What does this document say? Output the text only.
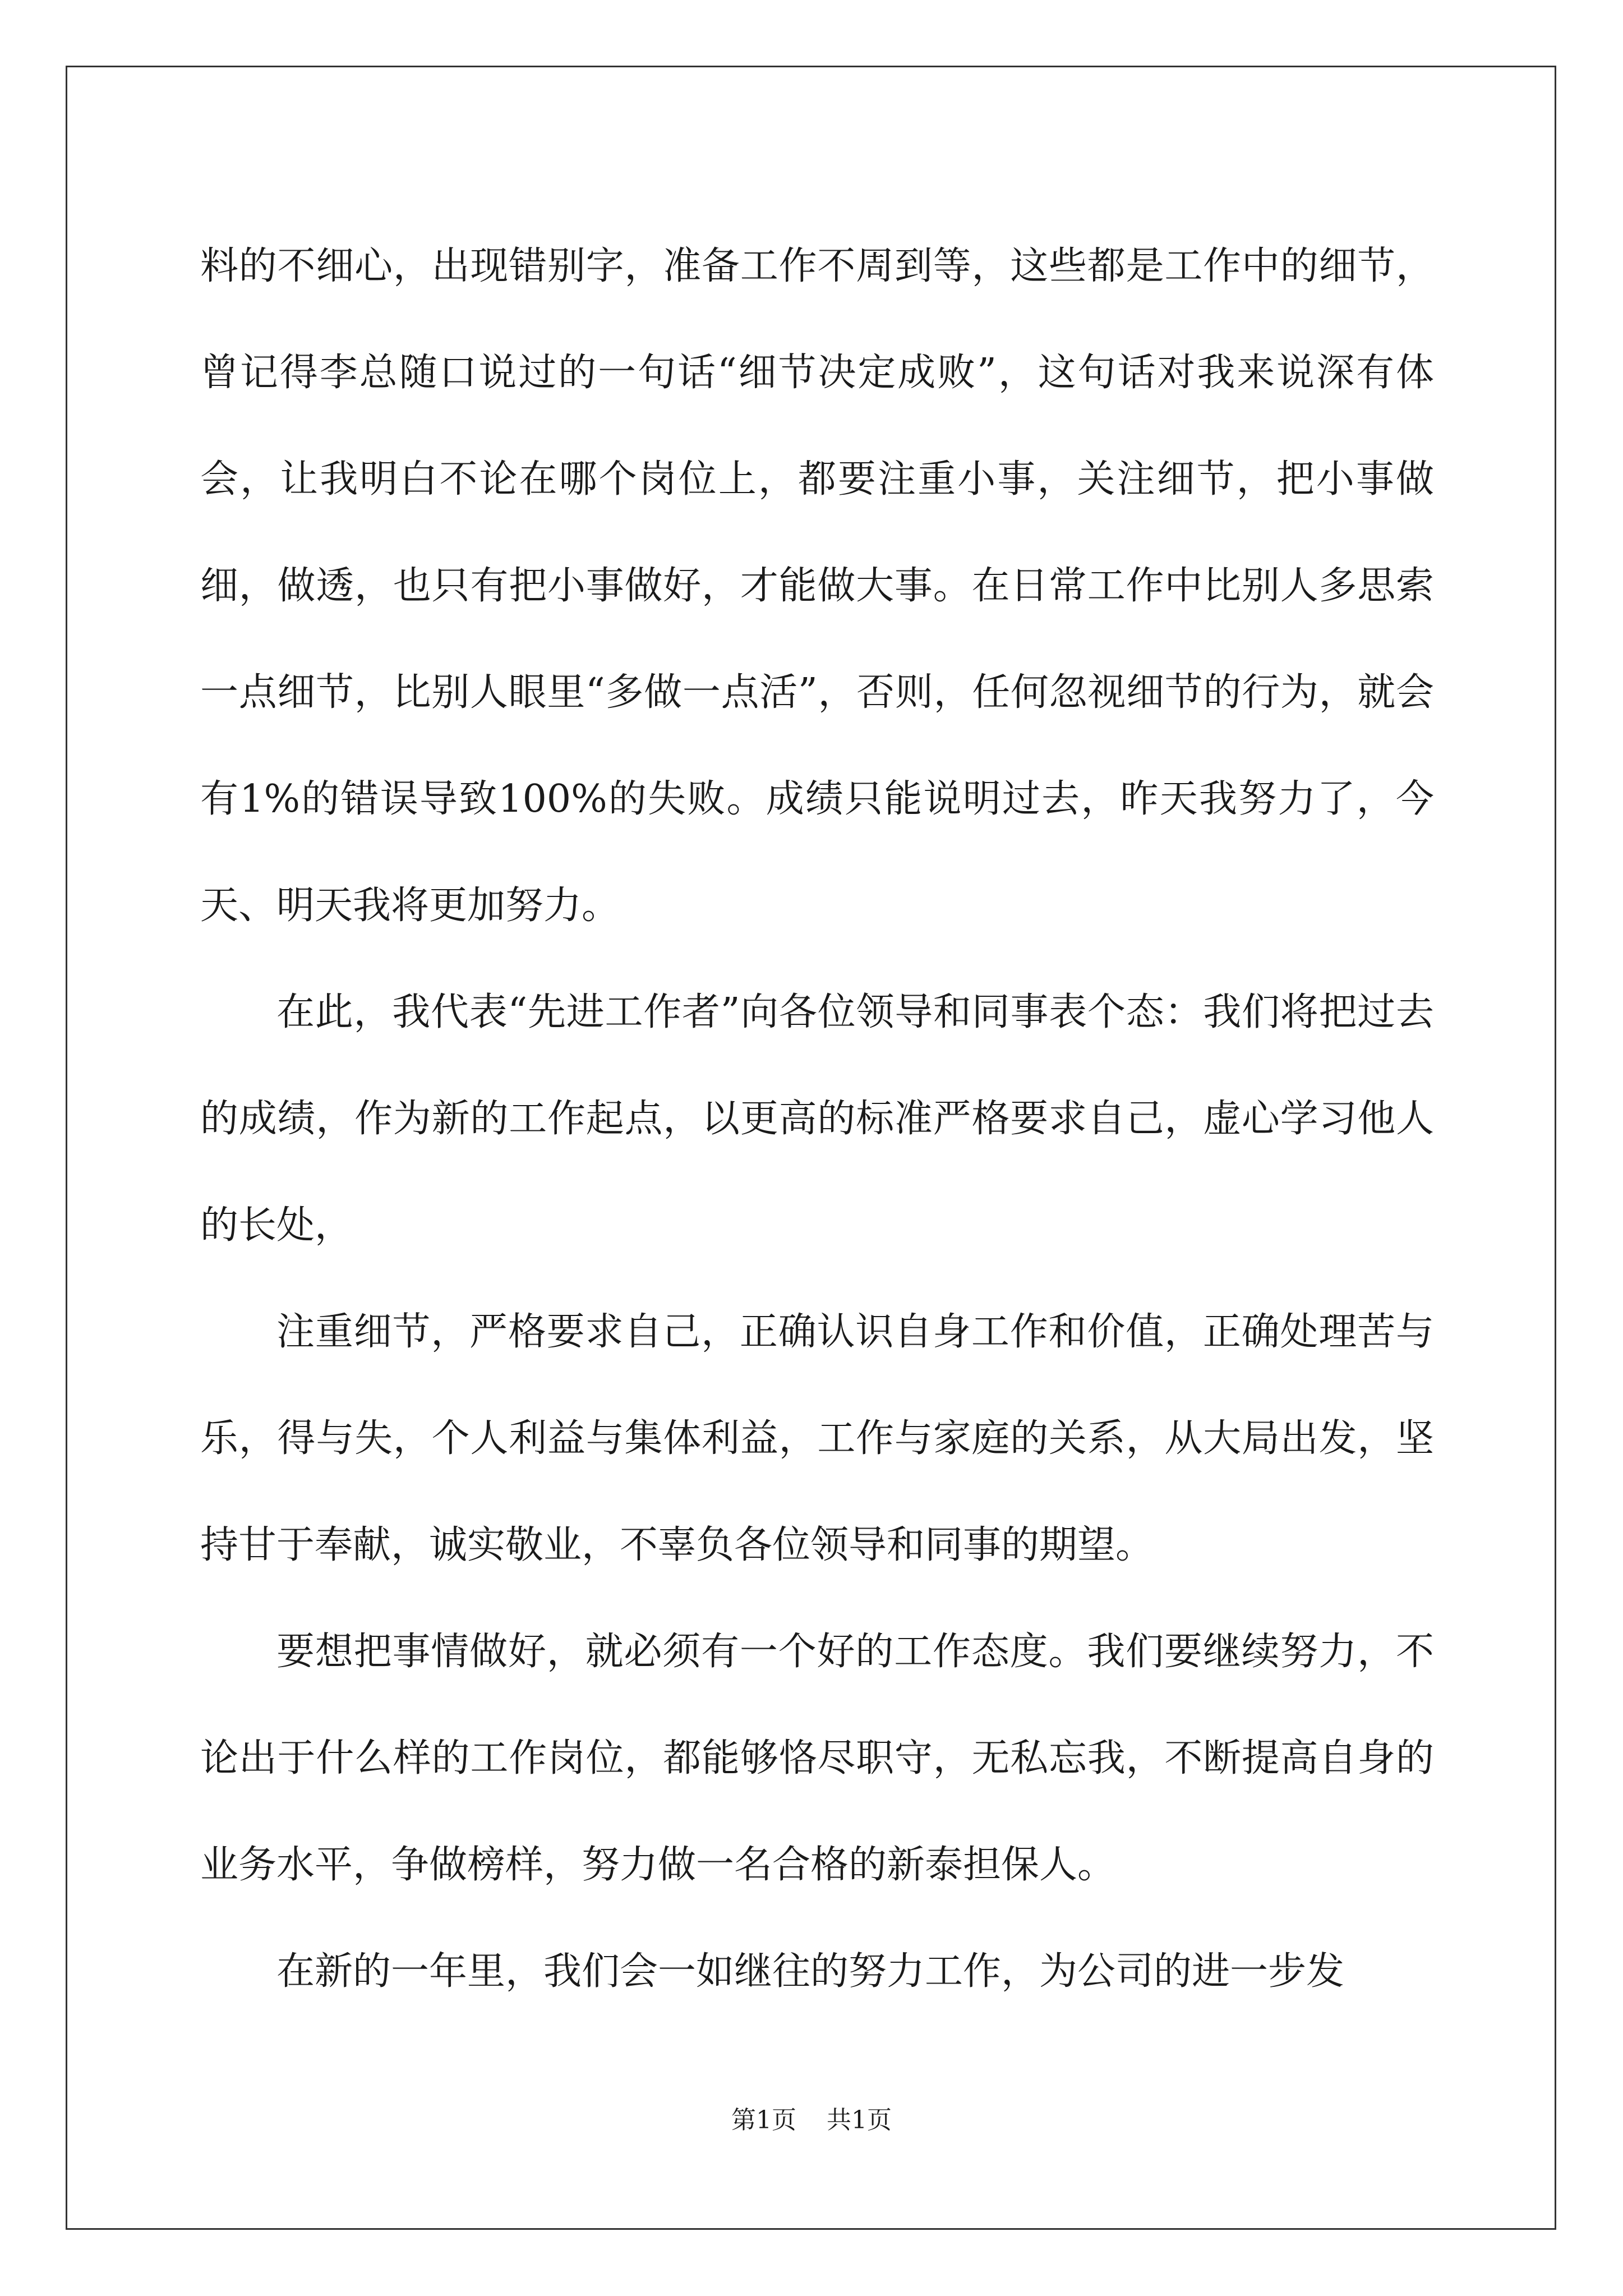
料的不细心，出现错别字，准备工作不周到等，这些都是工作中的细节，曾记得李总随口说过的一句话“细节决定成败”，这句话对我来说深有体会，让我明白不论在哪个岗位上，都要注重小事，关注细节，把小事做细，做透，也只有把小事做好，才能做大事。在日常工作中比别人多思索一点细节，比别人眼里“多做一点活”，否则，任何忽视细节的行为，就会有1%的错误导致100%的失败。成绩只能说明过去，昨天我努力了，今天、明天我将更加努力。

在此，我代表“先进工作者”向各位领导和同事表个态：我们将把过去的成绩，作为新的工作起点，以更高的标准严格要求自己，虚心学习他人的长处，

注重细节，严格要求自己，正确认识自身工作和价值，正确处理苦与乐，得与失，个人利益与集体利益，工作与家庭的关系，从大局出发，坚持甘于奉献，诚实敬业，不辜负各位领导和同事的期望。

要想把事情做好，就必须有一个好的工作态度。我们要继续努力，不论出于什么样的工作岗位，都能够恪尽职守，无私忘我，不断提高自身的业务水平，争做榜样，努力做一名合格的新泰担保人。

在新的一年里，我们会一如继往的努力工作，为公司的进一步发

第1页 共1页
